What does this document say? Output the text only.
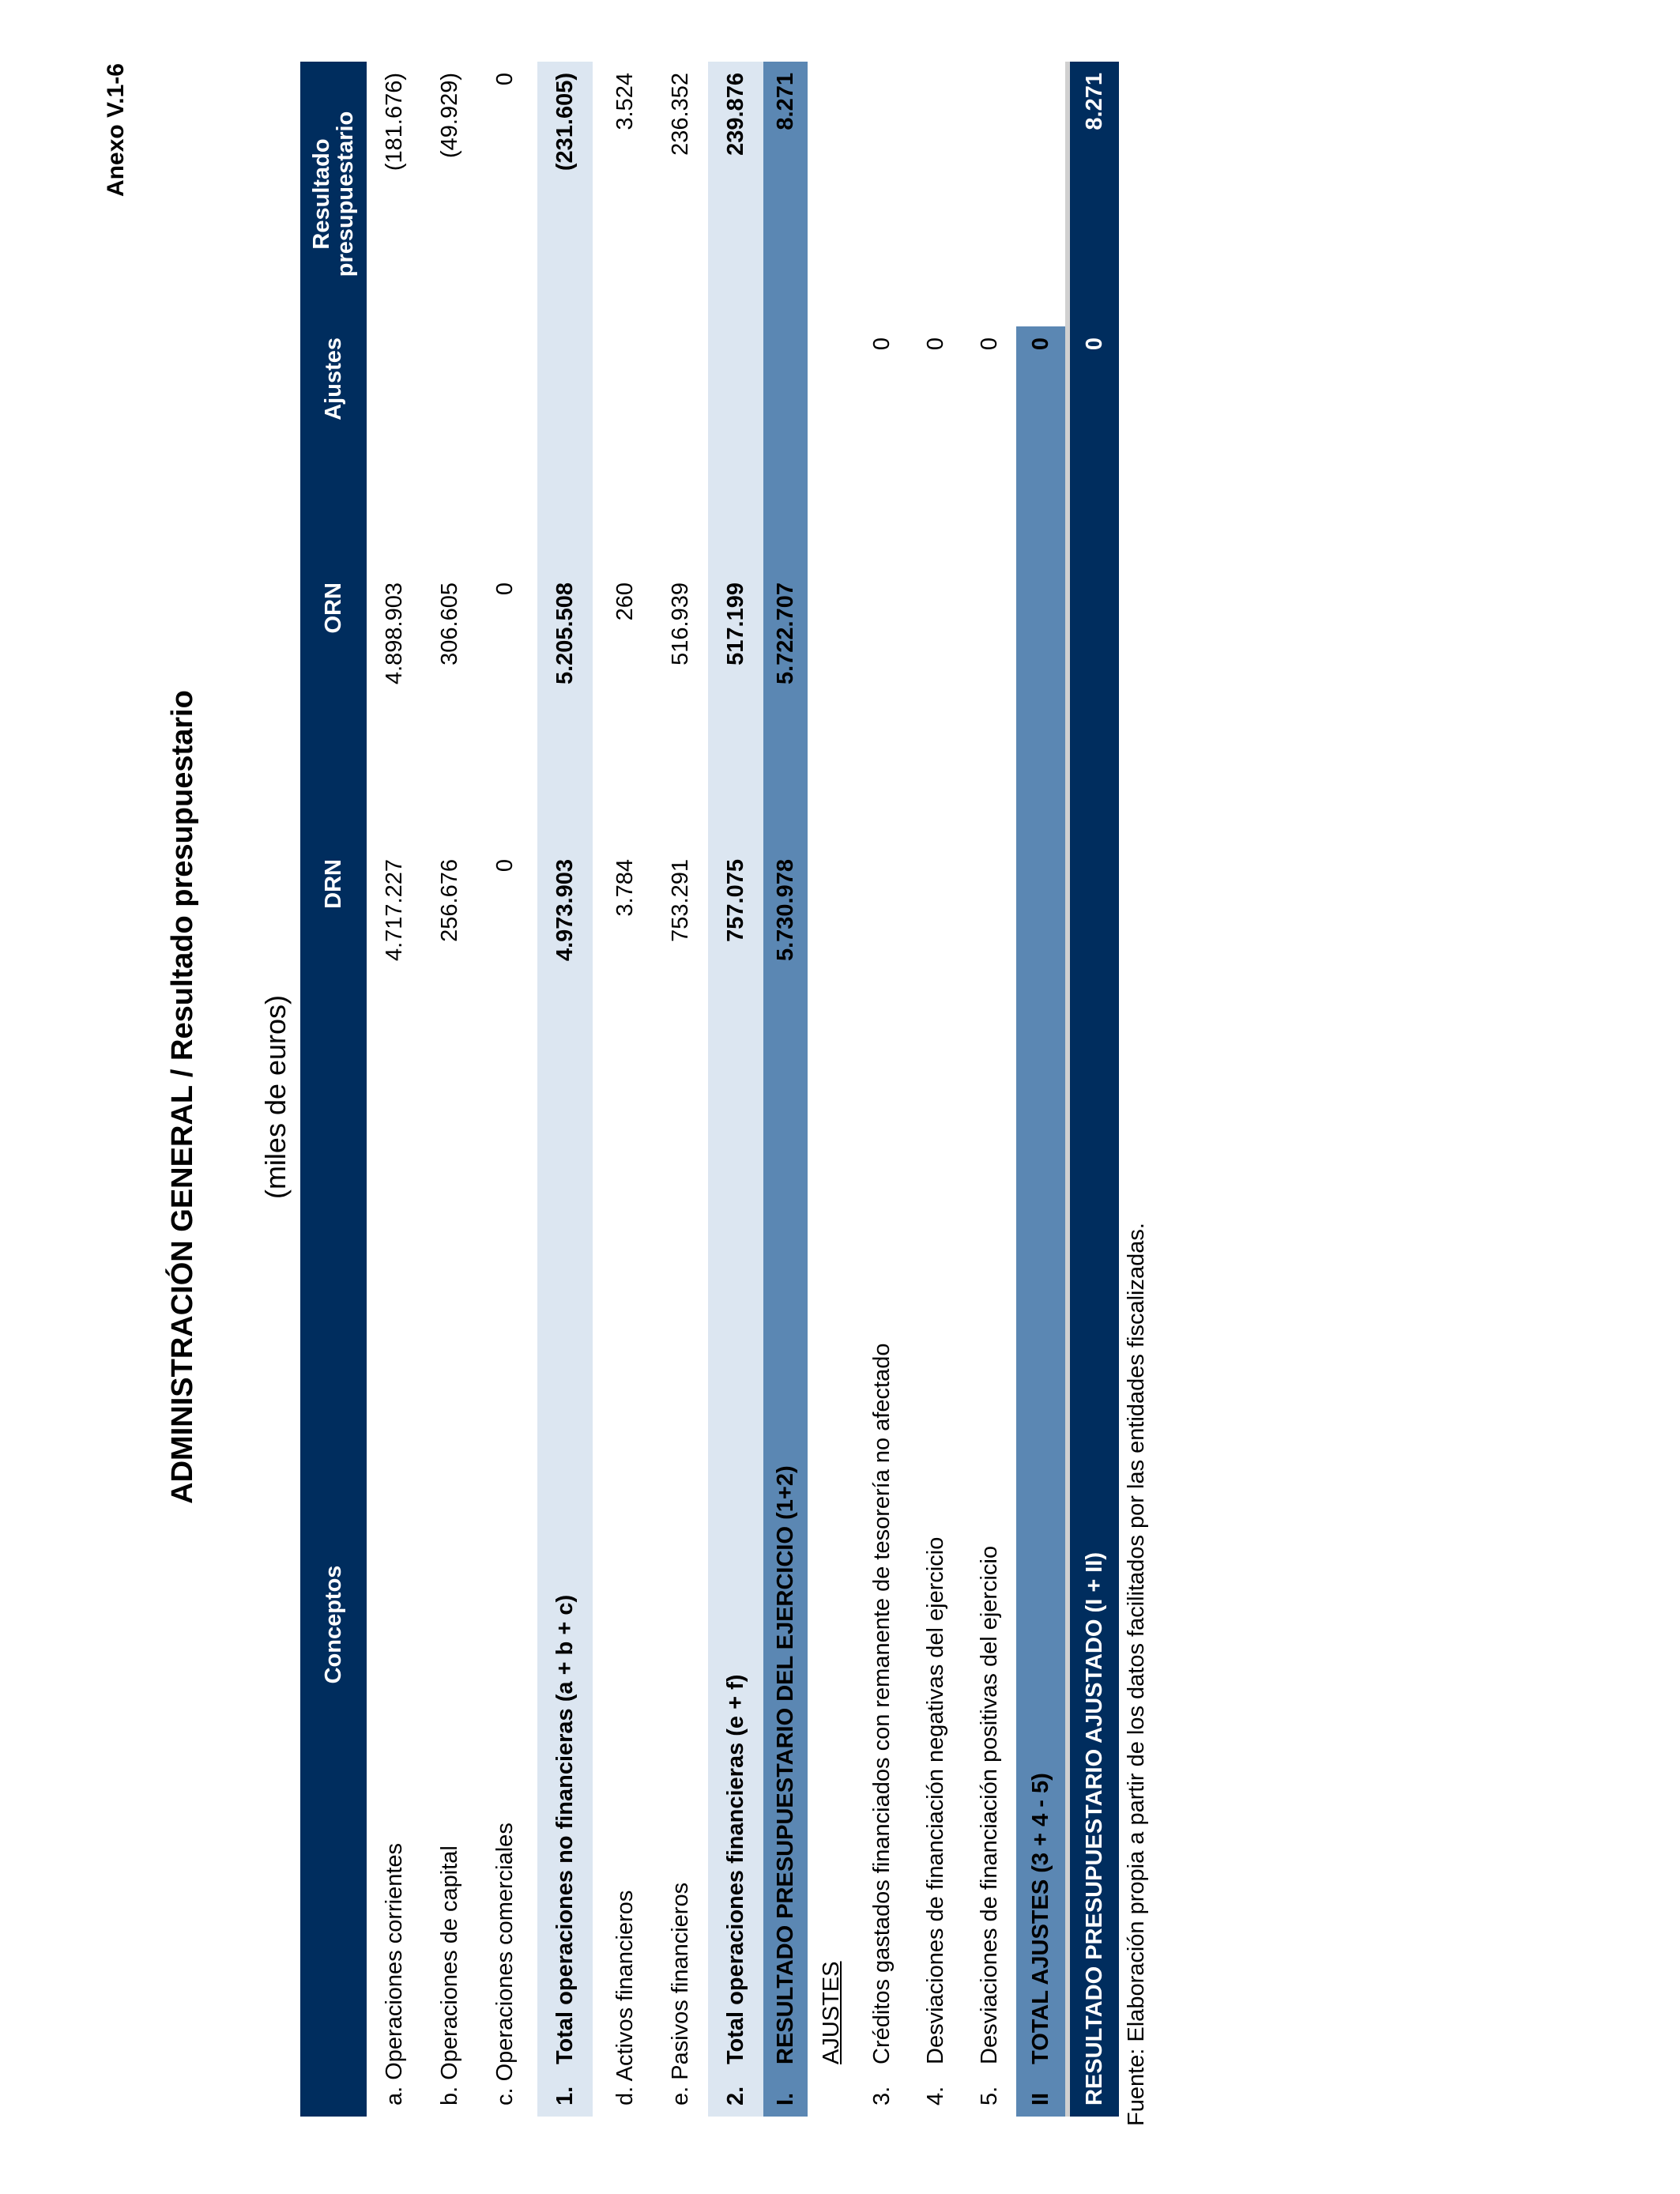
Anexo V.1-6
ADMINISTRACIÓN GENERAL / Resultado presupuestario (miles de euros)
Conceptos	DRN	ORN	Ajustes	Resultado
presupuestario
a. Operaciones corrientes	4.717.227	4.898.903		(181.676)
b. Operaciones de capital	256.676	306.605		(49.929)
c. Operaciones comerciales	0	0		0

1.Total operaciones no financieras (a + b + c)	4.973.903	5.205.508		(231.605)

d. Activos financieros	3.784	260		3.524
e. Pasivos financieros	753.291	516.939		236.352
2.Total operaciones financieras (e + f)	757.075	517.199		239.876
I.RESULTADO PRESUPUESTARIO DEL EJERCICIO (1+2)	5.730.978	5.722.707		8.271
AJUSTES				
3.Créditos gastados financiados con remanente de tesorería no afectado			0	
4.Desviaciones de financiación negativas del ejercicio			0	
5.Desviaciones de financiación positivas del ejercicio			0	
IITOTAL AJUSTES (3 + 4 - 5)			0	
RESULTADO PRESUPUESTARIO AJUSTADO (I + II)			0	8.271
Fuente: Elaboración propia a partir de los datos facilitados por las entidades fiscalizadas.
